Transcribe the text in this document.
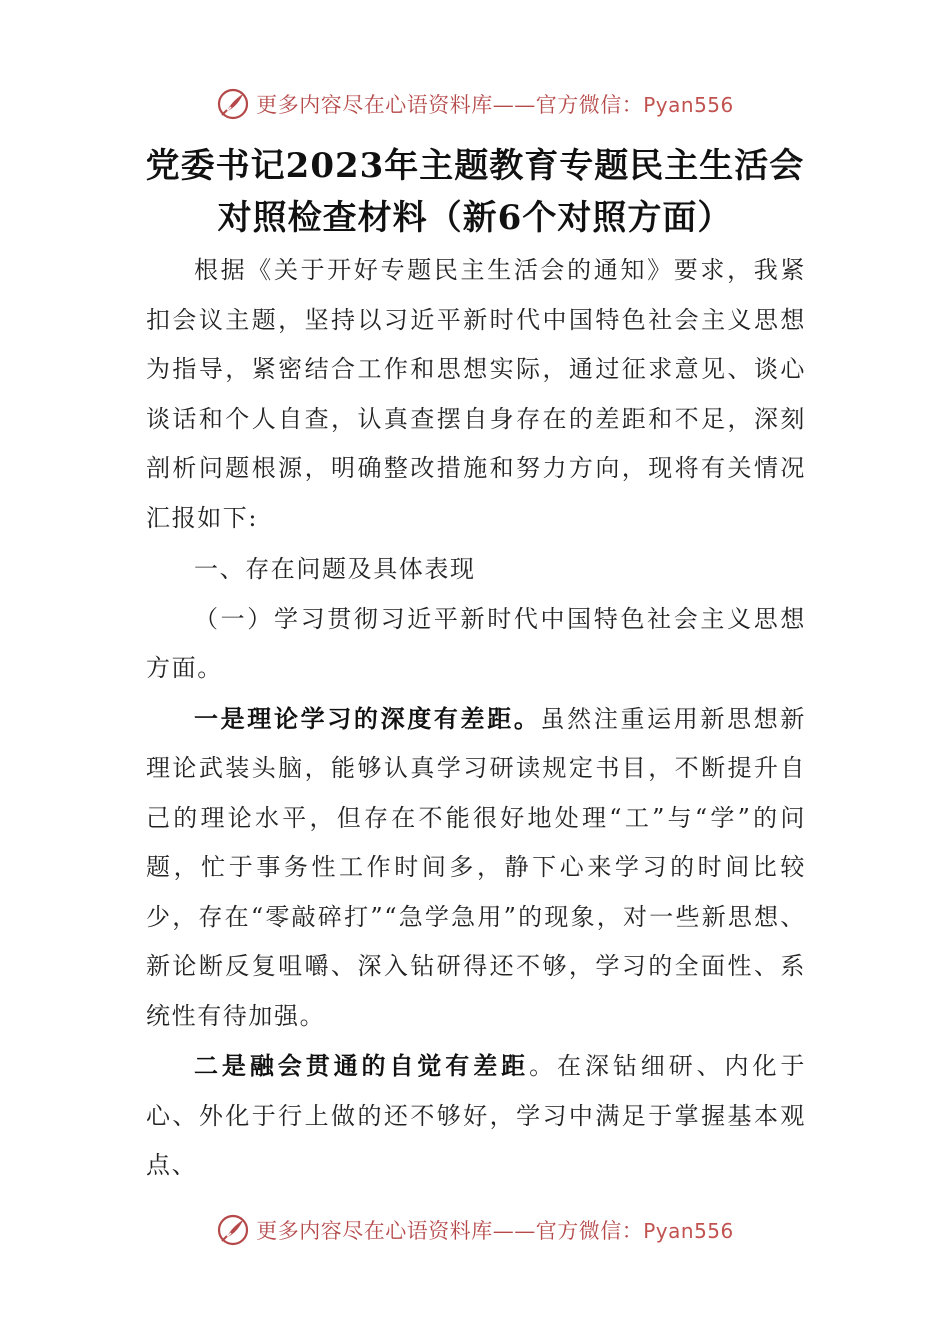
更多内容尽在心语资料库——官方微信：Pyan556
党委书记2023年主题教育专题民主生活会
对照检查材料（新6个对照方面）

根据《关于开好专题民主生活会的通知》要求，我紧扣会议主题，坚持以习近平新时代中国特色社会主义思想为指导，紧密结合工作和思想实际，通过征求意见、谈心谈话和个人自查，认真查摆自身存在的差距和不足，深刻剖析问题根源，明确整改措施和努力方向，现将有关情况汇报如下:

一、存在问题及具体表现

（一）学习贯彻习近平新时代中国特色社会主义思想方面。

一是理论学习的深度有差距。虽然注重运用新思想新理论武装头脑，能够认真学习研读规定书目，不断提升自己的理论水平，但存在不能很好地处理“工”与“学”的问题，忙于事务性工作时间多，静下心来学习的时间比较少，存在“零敲碎打”“急学急用”的现象，对一些新思想、新论断反复咀嚼、深入钻研得还不够，学习的全面性、系统性有待加强。

二是融会贯通的自觉有差距。在深钻细研、内化于心、外化于行上做的还不够好，学习中满足于掌握基本观点、

更多内容尽在心语资料库——官方微信：Pyan556
